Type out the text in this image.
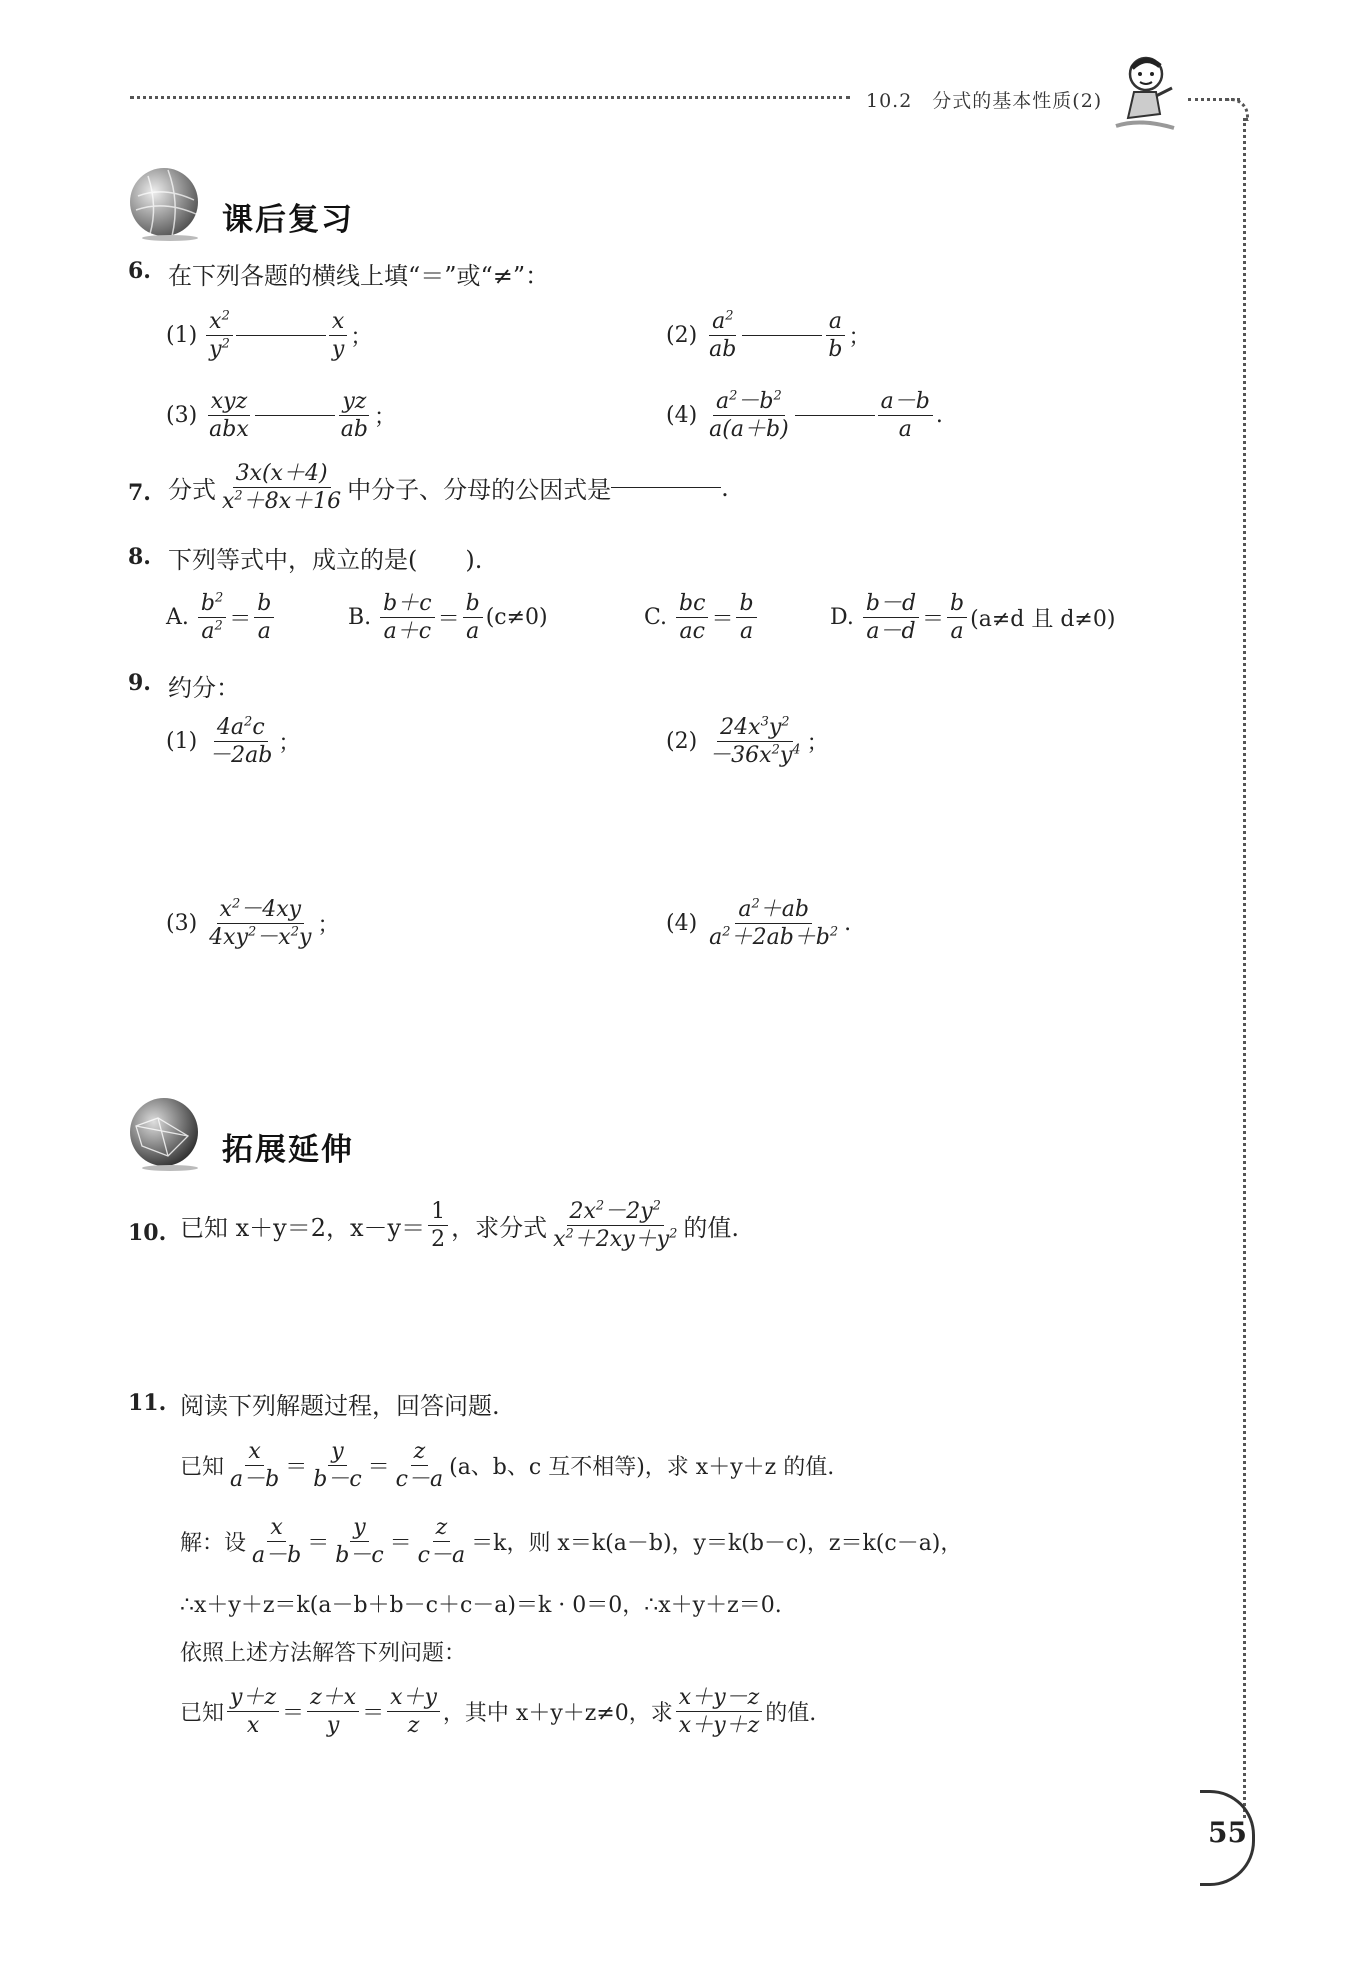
10.2　分式的基本性质(2)
55
课后复习
6. 在下列各题的横线上填“＝”或“≠”：
$(1) \frac{x^2}{y^2}$	$\frac{x}{y}$ ；	$(2) \frac{a^2}{ab}$	$\frac{a}{b}$ ；
$(3) \frac{\text{xyz}}{\text{abx}}$	$\frac{yz}{ab}$ ；	$(4) \frac{a^2-b^2}{a(a+b)}$	$\frac{a-b}{a}$ .
7. 分式 $\frac{3x(x+4)}{x^2+8x+16}$ 中分子、分母的公因式是	.
8. 下列等式中，成立的是(　　).
A. $\frac{b^2}{a^2} = \frac{b}{a}$	B. $\frac{b+c}{a+c} = \frac{b}{a} (c\ne 0)$	C. $\frac{bc}{ac} = \frac{b}{a}$	D. $\frac{b-d}{a-d} = \frac{b}{a} (a\ne d$ 且 d≠0)
9. 约分：
$(1) \frac{4a^2c}{-2ab}$ ；	$(2) \frac{24x^3y^2}{-36x^2y^4}$ ；
$(3) \frac{x^2-4xy}{4xy^2-x^2y}$ ；	$(4) \frac{a^2+ab}{a^2+2ab+b^2}$ .
拓展延伸
10. 已知 x＋y＝2，$x-y= \frac{1}{2}$ ，求分式 $\frac{2x^2-2y^2}{x^2+2xy+y^2}$ 的值.
11. 阅读下列解题过程，回答问题.
已知 $\frac{x}{a-b} = \frac{y}{b-c} = \frac{z}{c-a} (a$、b、c 互不相等)，求 x＋y＋z 的值.
解：设 $\frac{x}{a-b} = \frac{y}{b-c} = \frac{z}{c-a} =k$，则 x＝k(a－b)，y＝k(b－c)，z＝k(c－a)，
∴x＋y＋z＝k(a－b＋b－c＋c－a)＝k · 0＝0，∴x＋y＋z＝0.
依照上述方法解答下列问题：
已知 $\frac{y+z}{x} = \frac{z+x}{y} = \frac{x+y}{z}$ ，其中 x＋y＋z≠0，求 $\frac{x+y-z}{x+y+z}$ 的值.
